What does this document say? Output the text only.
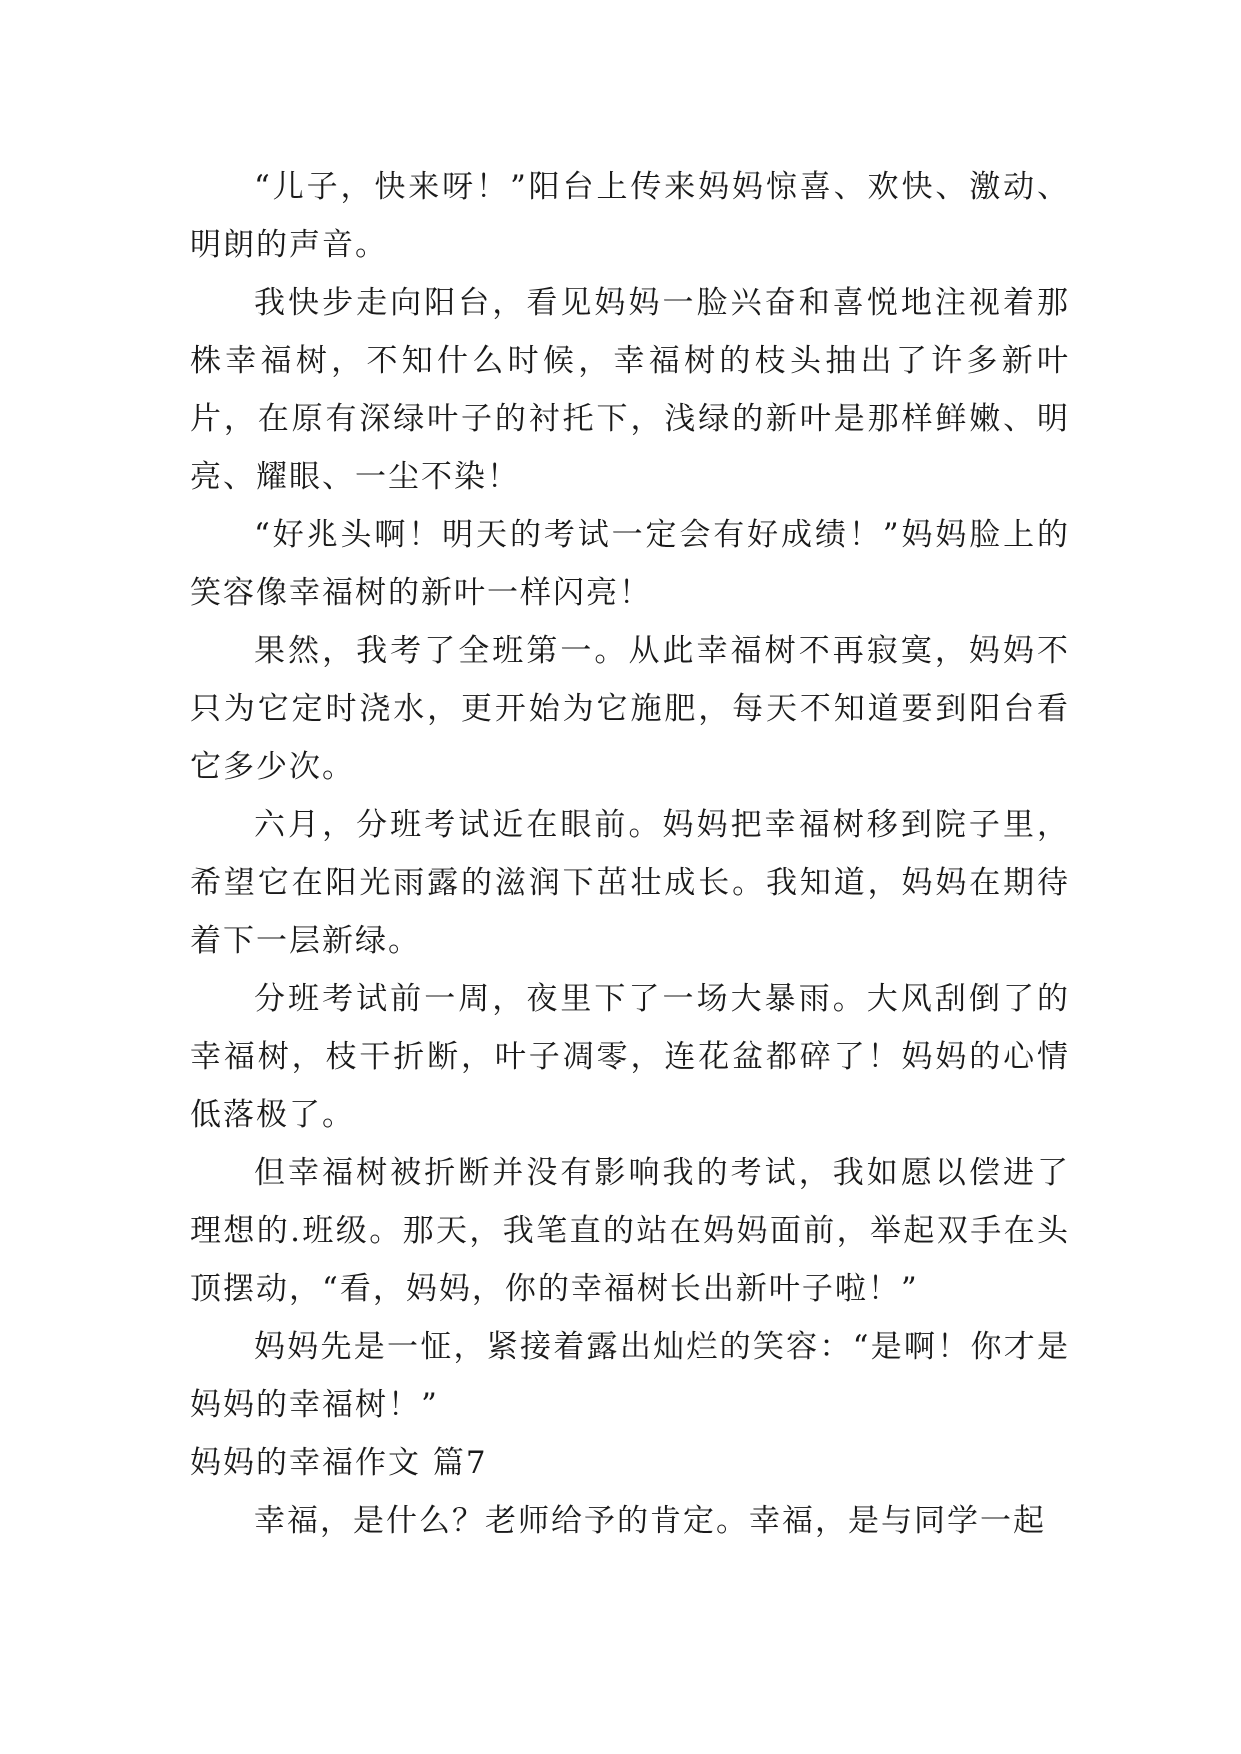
“儿子，快来呀！”阳台上传来妈妈惊喜、欢快、激动、明朗的声音。

我快步走向阳台，看见妈妈一脸兴奋和喜悦地注视着那株幸福树，不知什么时候，幸福树的枝头抽出了许多新叶片，在原有深绿叶子的衬托下，浅绿的新叶是那样鲜嫩、明亮、耀眼、一尘不染！

“好兆头啊！明天的考试一定会有好成绩！”妈妈脸上的笑容像幸福树的新叶一样闪亮！

果然，我考了全班第一。从此幸福树不再寂寞，妈妈不只为它定时浇水，更开始为它施肥，每天不知道要到阳台看它多少次。

六月，分班考试近在眼前。妈妈把幸福树移到院子里，希望它在阳光雨露的滋润下茁壮成长。我知道，妈妈在期待着下一层新绿。

分班考试前一周，夜里下了一场大暴雨。大风刮倒了的幸福树，枝干折断，叶子凋零，连花盆都碎了！妈妈的心情低落极了。

但幸福树被折断并没有影响我的考试，我如愿以偿进了理想的.班级。那天，我笔直的站在妈妈面前，举起双手在头顶摆动，“看，妈妈，你的幸福树长出新叶子啦！”

妈妈先是一怔，紧接着露出灿烂的笑容：“是啊！你才是妈妈的幸福树！”

妈妈的幸福作文 篇7

幸福，是什么？老师给予的肯定。幸福，是与同学一起
